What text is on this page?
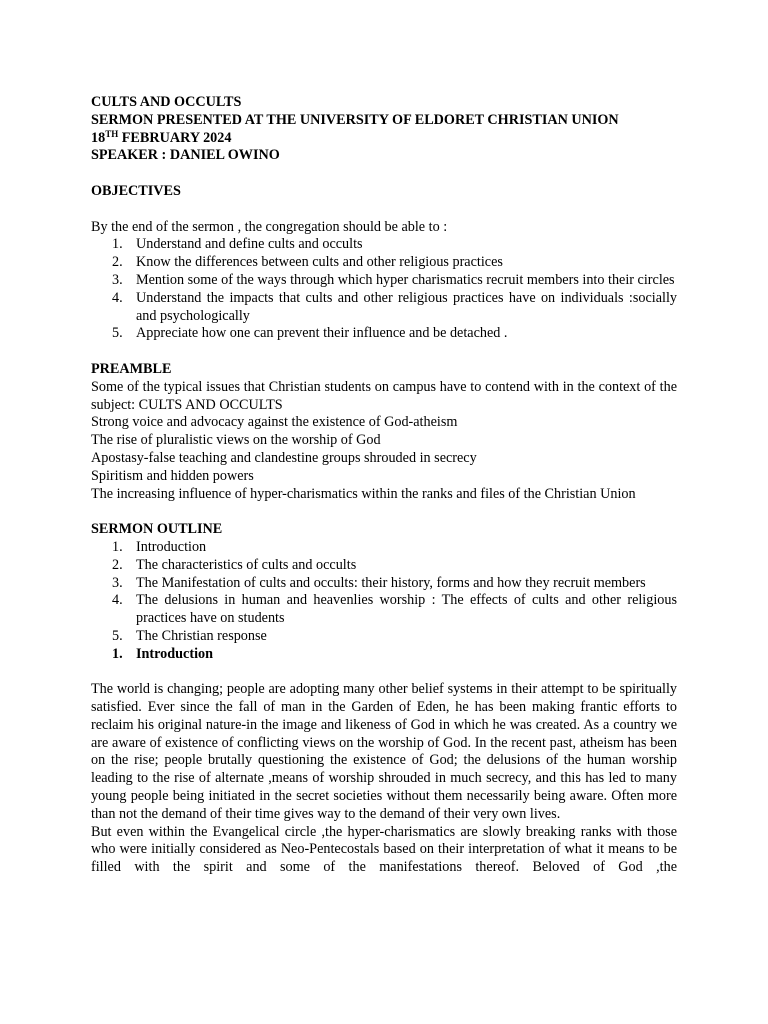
CULTS AND OCCULTS

SERMON PRESENTED AT THE UNIVERSITY OF ELDORET CHRISTIAN UNION

18TH FEBRUARY 2024

SPEAKER : DANIEL OWINO

OBJECTIVES

By the end of the sermon , the congregation should be able to :

1. Understand and define cults and occults
2. Know the differences between cults and other religious practices
3. Mention some of the ways through which hyper charismatics recruit members into their circles
4. Understand the impacts that cults and other religious practices have on individuals :socially and psychologically
5. Appreciate how one can prevent their influence and be detached .

PREAMBLE

Some of the typical issues that Christian students on campus have to contend with in the context of the subject: CULTS AND OCCULTS

Strong voice and advocacy against the existence of God-atheism

The rise of pluralistic views on the worship of God

Apostasy-false teaching and clandestine groups shrouded in secrecy

Spiritism and hidden powers

The increasing influence of hyper-charismatics within the ranks and files of the Christian Union

SERMON OUTLINE

1. Introduction
2. The characteristics of cults and occults
3. The Manifestation of cults and occults: their history, forms and how they recruit members
4. The delusions in human and heavenlies worship : The effects of cults and other religious practices have on students
5. The Christian response
1. Introduction

The world is changing; people are adopting many other belief systems in their attempt to be spiritually satisfied. Ever since the fall of man in the Garden of Eden, he has been making frantic efforts to reclaim his original nature-in the image and likeness of God in which he was created. As a country we are aware of existence of conflicting views on the worship of God. In the recent past, atheism has been on the rise; people brutally questioning the existence of God; the delusions of the human worship leading to the rise of alternate ,means of worship shrouded in much secrecy, and this has led to many young people being initiated in the secret societies without them necessarily being aware. Often more than not the demand of their time gives way to the demand of their very own lives.

But even within the Evangelical circle ,the hyper-charismatics are slowly breaking ranks with those who were initially considered as Neo-Pentecostals based on their interpretation of what it means to be filled with the spirit and some of the manifestations thereof. Beloved of God ,the
